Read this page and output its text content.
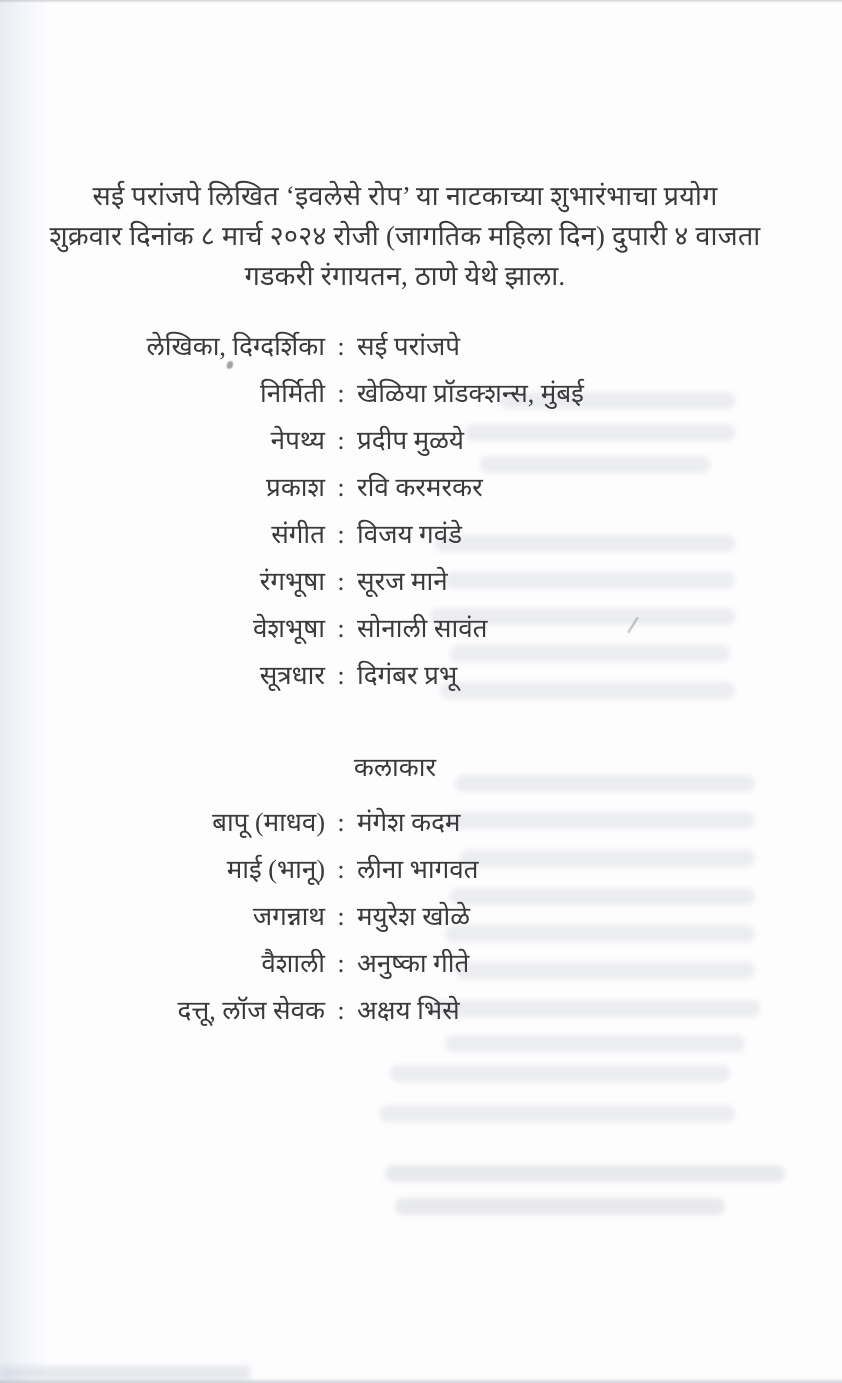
सई परांजपे लिखित ‘इवलेसे रोप’ या नाटकाच्या शुभारंभाचा प्रयोग
शुक्रवार दिनांक ८ मार्च २०२४ रोजी (जागतिक महिला दिन) दुपारी ४ वाजता
गडकरी रंगायतन, ठाणे येथे झाला.
लेखिका, दिग्दर्शिका : सई परांजपे
निर्मिती : खेळिया प्रॉडक्शन्स, मुंबई
नेपथ्य : प्रदीप मुळये
प्रकाश : रवि करमरकर
संगीत : विजय गवंडे
रंगभूषा : सूरज माने
वेशभूषा : सोनाली सावंत
सूत्रधार : दिगंबर प्रभू
कलाकार
बापू (माधव) : मंगेश कदम
माई (भानू) : लीना भागवत
जगन्नाथ : मयुरेश खोळे
वैशाली : अनुष्का गीते
दत्तू, लॉज सेवक : अक्षय भिसे
